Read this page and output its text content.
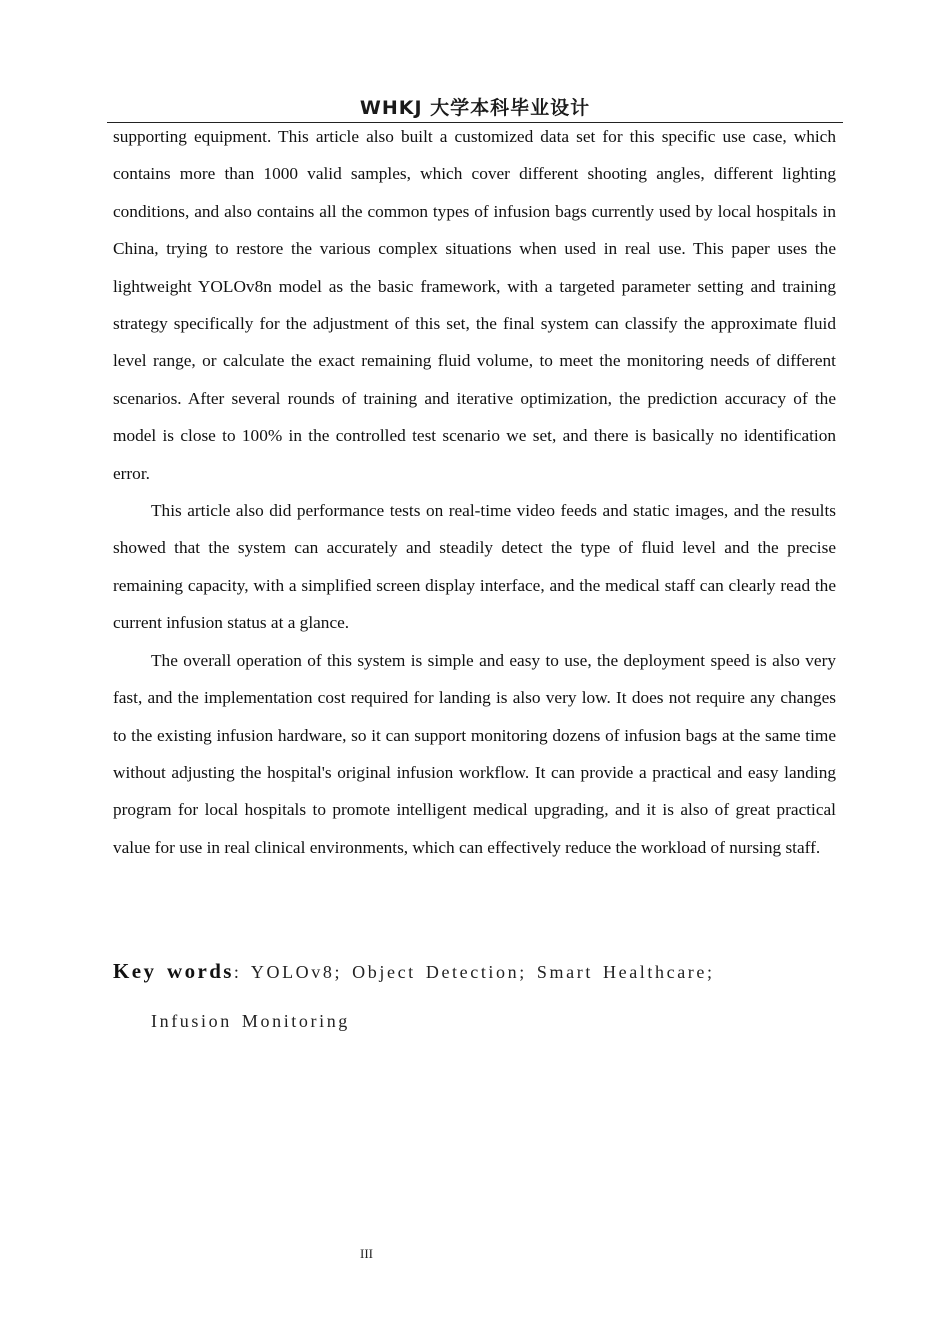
WHKJ 大学本科毕业设计

supporting equipment. This article also built a customized data set for this specific use case, which contains more than 1000 valid samples, which cover different shooting angles, different lighting conditions, and also contains all the common types of infusion bags currently used by local hospitals in China, trying to restore the various complex situations when used in real use. This paper uses the lightweight YOLOv8n model as the basic framework, with a targeted parameter setting and training strategy specifically for the adjustment of this set, the final system can classify the approximate fluid level range, or calculate the exact remaining fluid volume, to meet the monitoring needs of different scenarios. After several rounds of training and iterative optimization, the prediction accuracy of the model is close to 100% in the controlled test scenario we set, and there is basically no identification error.

This article also did performance tests on real-time video feeds and static images, and the results showed that the system can accurately and steadily detect the type of fluid level and the precise remaining capacity, with a simplified screen display interface, and the medical staff can clearly read the current infusion status at a glance.

The overall operation of this system is simple and easy to use, the deployment speed is also very fast, and the implementation cost required for landing is also very low. It does not require any changes to the existing infusion hardware, so it can support monitoring dozens of infusion bags at the same time without adjusting the hospital's original infusion workflow. It can provide a practical and easy landing program for local hospitals to promote intelligent medical upgrading, and it is also of great practical value for use in real clinical environments, which can effectively reduce the workload of nursing staff.

Key words: YOLOv8; Object Detection; Smart Healthcare;
Infusion Monitoring
III
